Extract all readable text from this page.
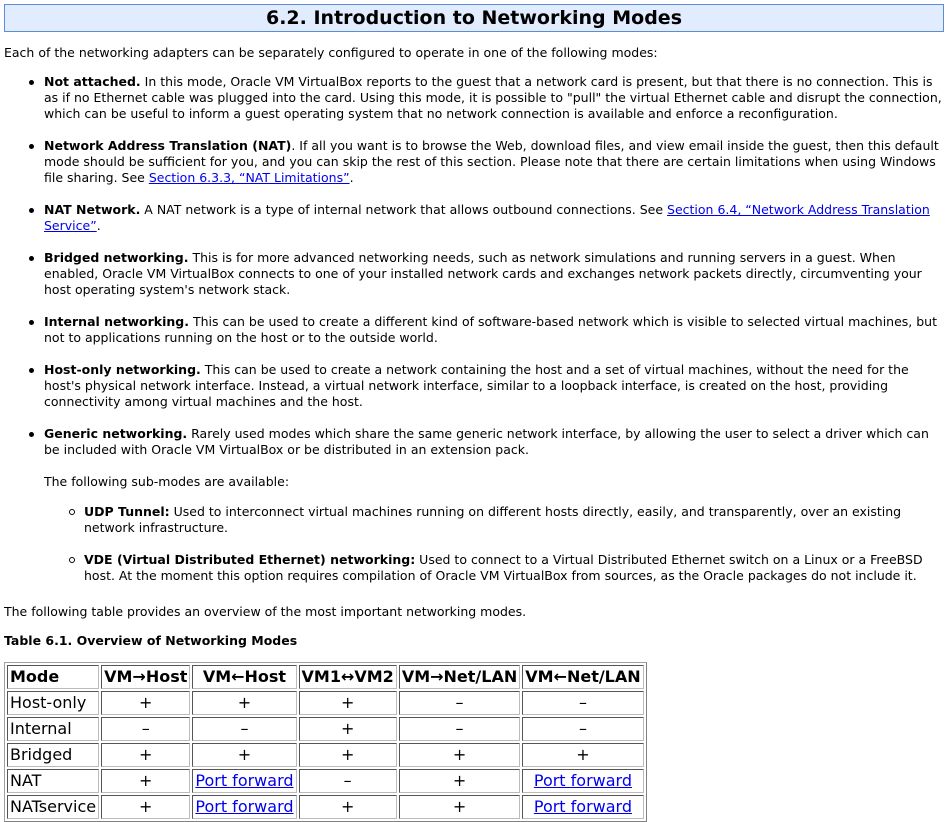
6.2. Introduction to Networking Modes

Each of the networking adapters can be separately configured to operate in one of the following modes:

Not attached. In this mode, Oracle VM VirtualBox reports to the guest that a network card is present, but that there is no connection. This is as if no Ethernet cable was plugged into the card. Using this mode, it is possible to "pull" the virtual Ethernet cable and disrupt the connection, which can be useful to inform a guest operating system that no network connection is available and enforce a reconfiguration.
Network Address Translation (NAT). If all you want is to browse the Web, download files, and view email inside the guest, then this default mode should be sufficient for you, and you can skip the rest of this section. Please note that there are certain limitations when using Windows file sharing. See Section 6.3.3, “NAT Limitations”.
NAT Network. A NAT network is a type of internal network that allows outbound connections. See Section 6.4, “Network Address Translation Service”.
Bridged networking. This is for more advanced networking needs, such as network simulations and running servers in a guest. When enabled, Oracle VM VirtualBox connects to one of your installed network cards and exchanges network packets directly, circumventing your host operating system's network stack.
Internal networking. This can be used to create a different kind of software-based network which is visible to selected virtual machines, but not to applications running on the host or to the outside world.
Host-only networking. This can be used to create a network containing the host and a set of virtual machines, without the need for the host's physical network interface. Instead, a virtual network interface, similar to a loopback interface, is created on the host, providing connectivity among virtual machines and the host.
Generic networking. Rarely used modes which share the same generic network interface, by allowing the user to select a driver which can be included with Oracle VM VirtualBox or be distributed in an extension pack.

The following sub-modes are available:

UDP Tunnel: Used to interconnect virtual machines running on different hosts directly, easily, and transparently, over an existing network infrastructure.
VDE (Virtual Distributed Ethernet) networking: Used to connect to a Virtual Distributed Ethernet switch on a Linux or a FreeBSD host. At the moment this option requires compilation of Oracle VM VirtualBox from sources, as the Oracle packages do not include it.

The following table provides an overview of the most important networking modes.

Table 6.1. Overview of Networking Modes

Mode	VM→Host	VM←Host	VM1↔VM2	VM→Net/LAN	VM←Net/LAN
Host-only	+	+	+	–	–
Internal	–	–	+	–	–
Bridged	+	+	+	+	+
NAT	+	Port forward	–	+	Port forward
NATservice	+	Port forward	+	+	Port forward
